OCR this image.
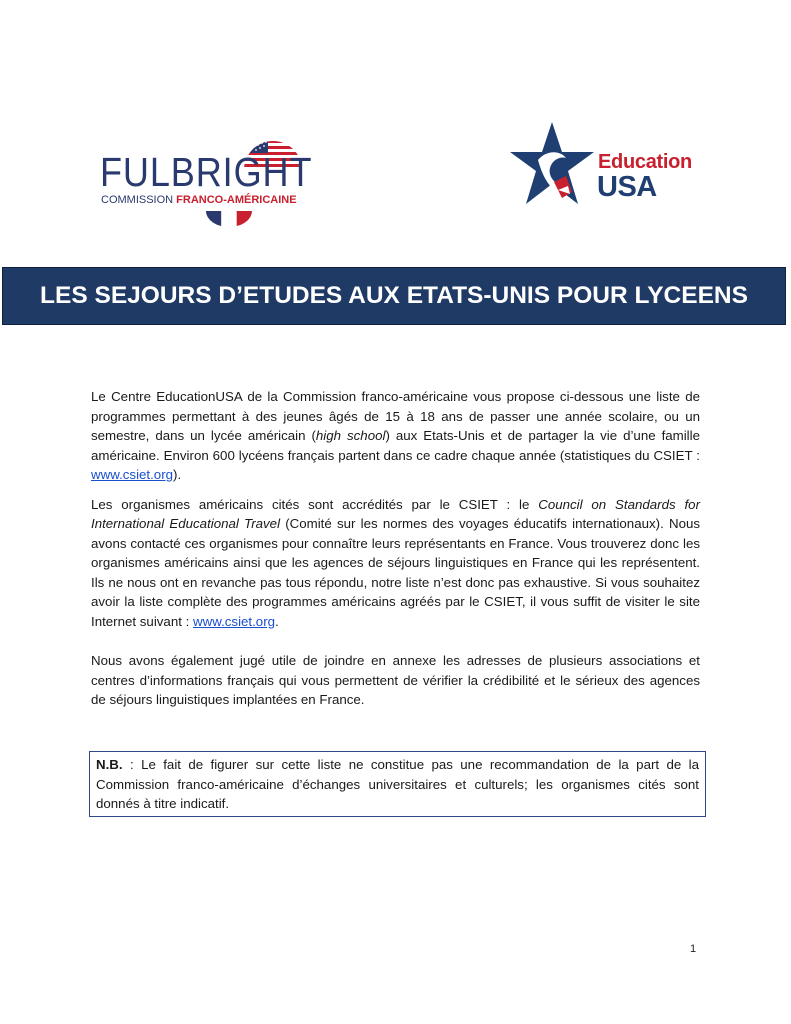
FULBRIGHT
COMMISSION FRANCO-AMÉRICAINE
Education
USA
LES SEJOURS D’ETUDES AUX ETATS-UNIS POUR LYCEENS

Le Centre EducationUSA de la Commission franco-américaine vous propose ci-dessous une liste de programmes permettant à des jeunes âgés de 15 à 18 ans de passer une année scolaire, ou un semestre, dans un lycée américain (high school) aux Etats-Unis et de partager la vie d’une famille américaine. Environ 600 lycéens français partent dans ce cadre chaque année (statistiques du CSIET : www.csiet.org).

Les organismes américains cités sont accrédités par le CSIET : le Council on Standards for International Educational Travel (Comité sur les normes des voyages éducatifs internationaux). Nous avons contacté ces organismes pour connaître leurs représentants en France. Vous trouverez donc les organismes américains ainsi que les agences de séjours linguistiques en France qui les représentent. Ils ne nous ont en revanche pas tous répondu, notre liste n’est donc pas exhaustive. Si vous souhaitez avoir la liste complète des programmes américains agréés par le CSIET, il vous suffit de visiter le site Internet suivant : www.csiet.org.

Nous avons également jugé utile de joindre en annexe les adresses de plusieurs associations et centres d’informations français qui vous permettent de vérifier la crédibilité et le sérieux des agences de séjours linguistiques implantées en France.

N.B. : Le fait de figurer sur cette liste ne constitue pas une recommandation de la part de la Commission franco-américaine d’échanges universitaires et culturels; les organismes cités sont donnés à titre indicatif.

1
